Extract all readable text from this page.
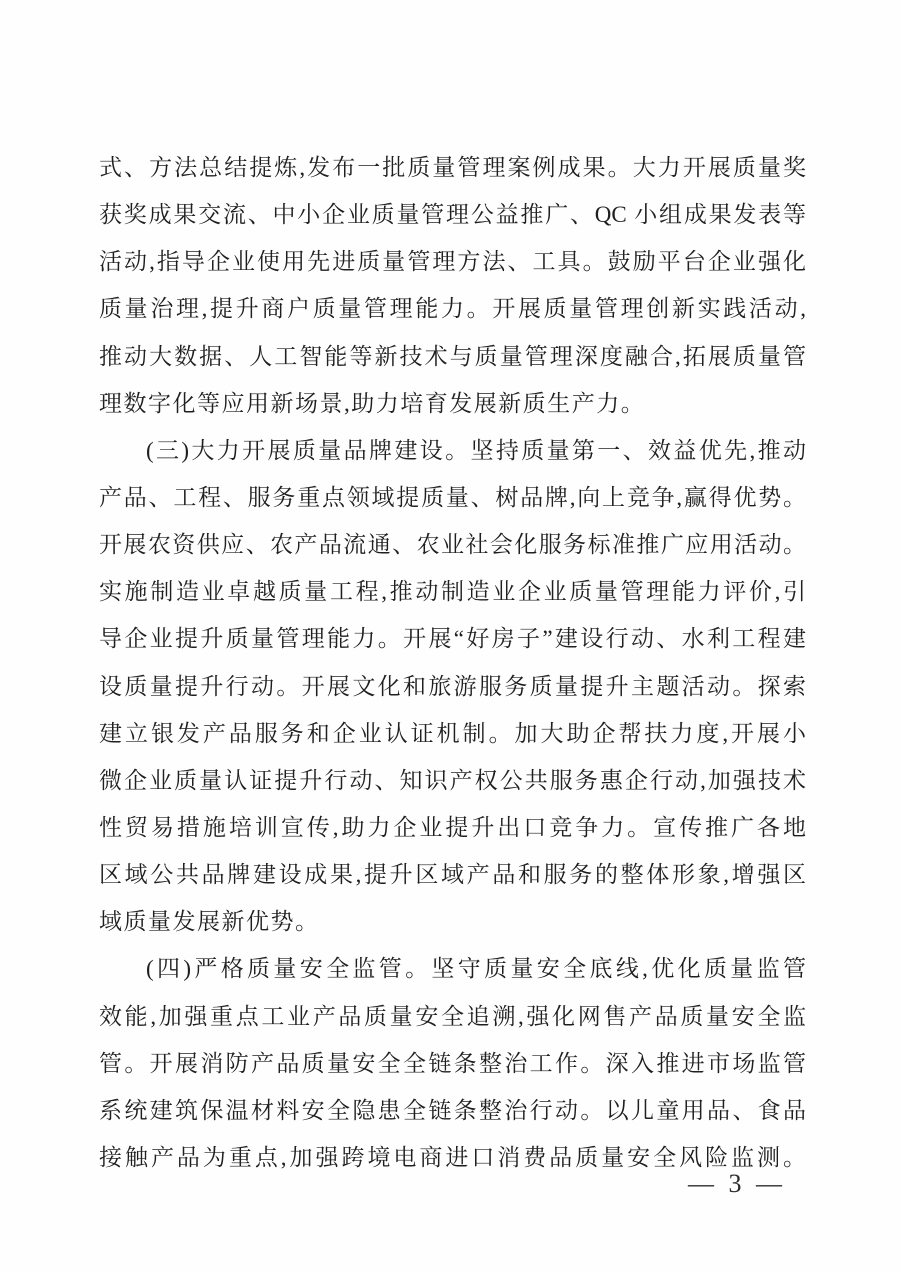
式、方法总结提炼,发布一批质量管理案例成果。大力开展质量奖
获奖成果交流、中小企业质量管理公益推广、QC 小组成果发表等
活动,指导企业使用先进质量管理方法、工具。鼓励平台企业强化
质量治理,提升商户质量管理能力。开展质量管理创新实践活动,
推动大数据、人工智能等新技术与质量管理深度融合,拓展质量管
理数字化等应用新场景,助力培育发展新质生产力。
(三)大力开展质量品牌建设。坚持质量第一、效益优先,推动
产品、工程、服务重点领域提质量、树品牌,向上竞争,赢得优势。
开展农资供应、农产品流通、农业社会化服务标准推广应用活动。
实施制造业卓越质量工程,推动制造业企业质量管理能力评价,引
导企业提升质量管理能力。开展“好房子”建设行动、水利工程建
设质量提升行动。开展文化和旅游服务质量提升主题活动。探索
建立银发产品服务和企业认证机制。加大助企帮扶力度,开展小
微企业质量认证提升行动、知识产权公共服务惠企行动,加强技术
性贸易措施培训宣传,助力企业提升出口竞争力。宣传推广各地
区域公共品牌建设成果,提升区域产品和服务的整体形象,增强区
域质量发展新优势。
(四)严格质量安全监管。坚守质量安全底线,优化质量监管
效能,加强重点工业产品质量安全追溯,强化网售产品质量安全监
管。开展消防产品质量安全全链条整治工作。深入推进市场监管
系统建筑保温材料安全隐患全链条整治行动。以儿童用品、食品
接触产品为重点,加强跨境电商进口消费品质量安全风险监测。
— 3 —
